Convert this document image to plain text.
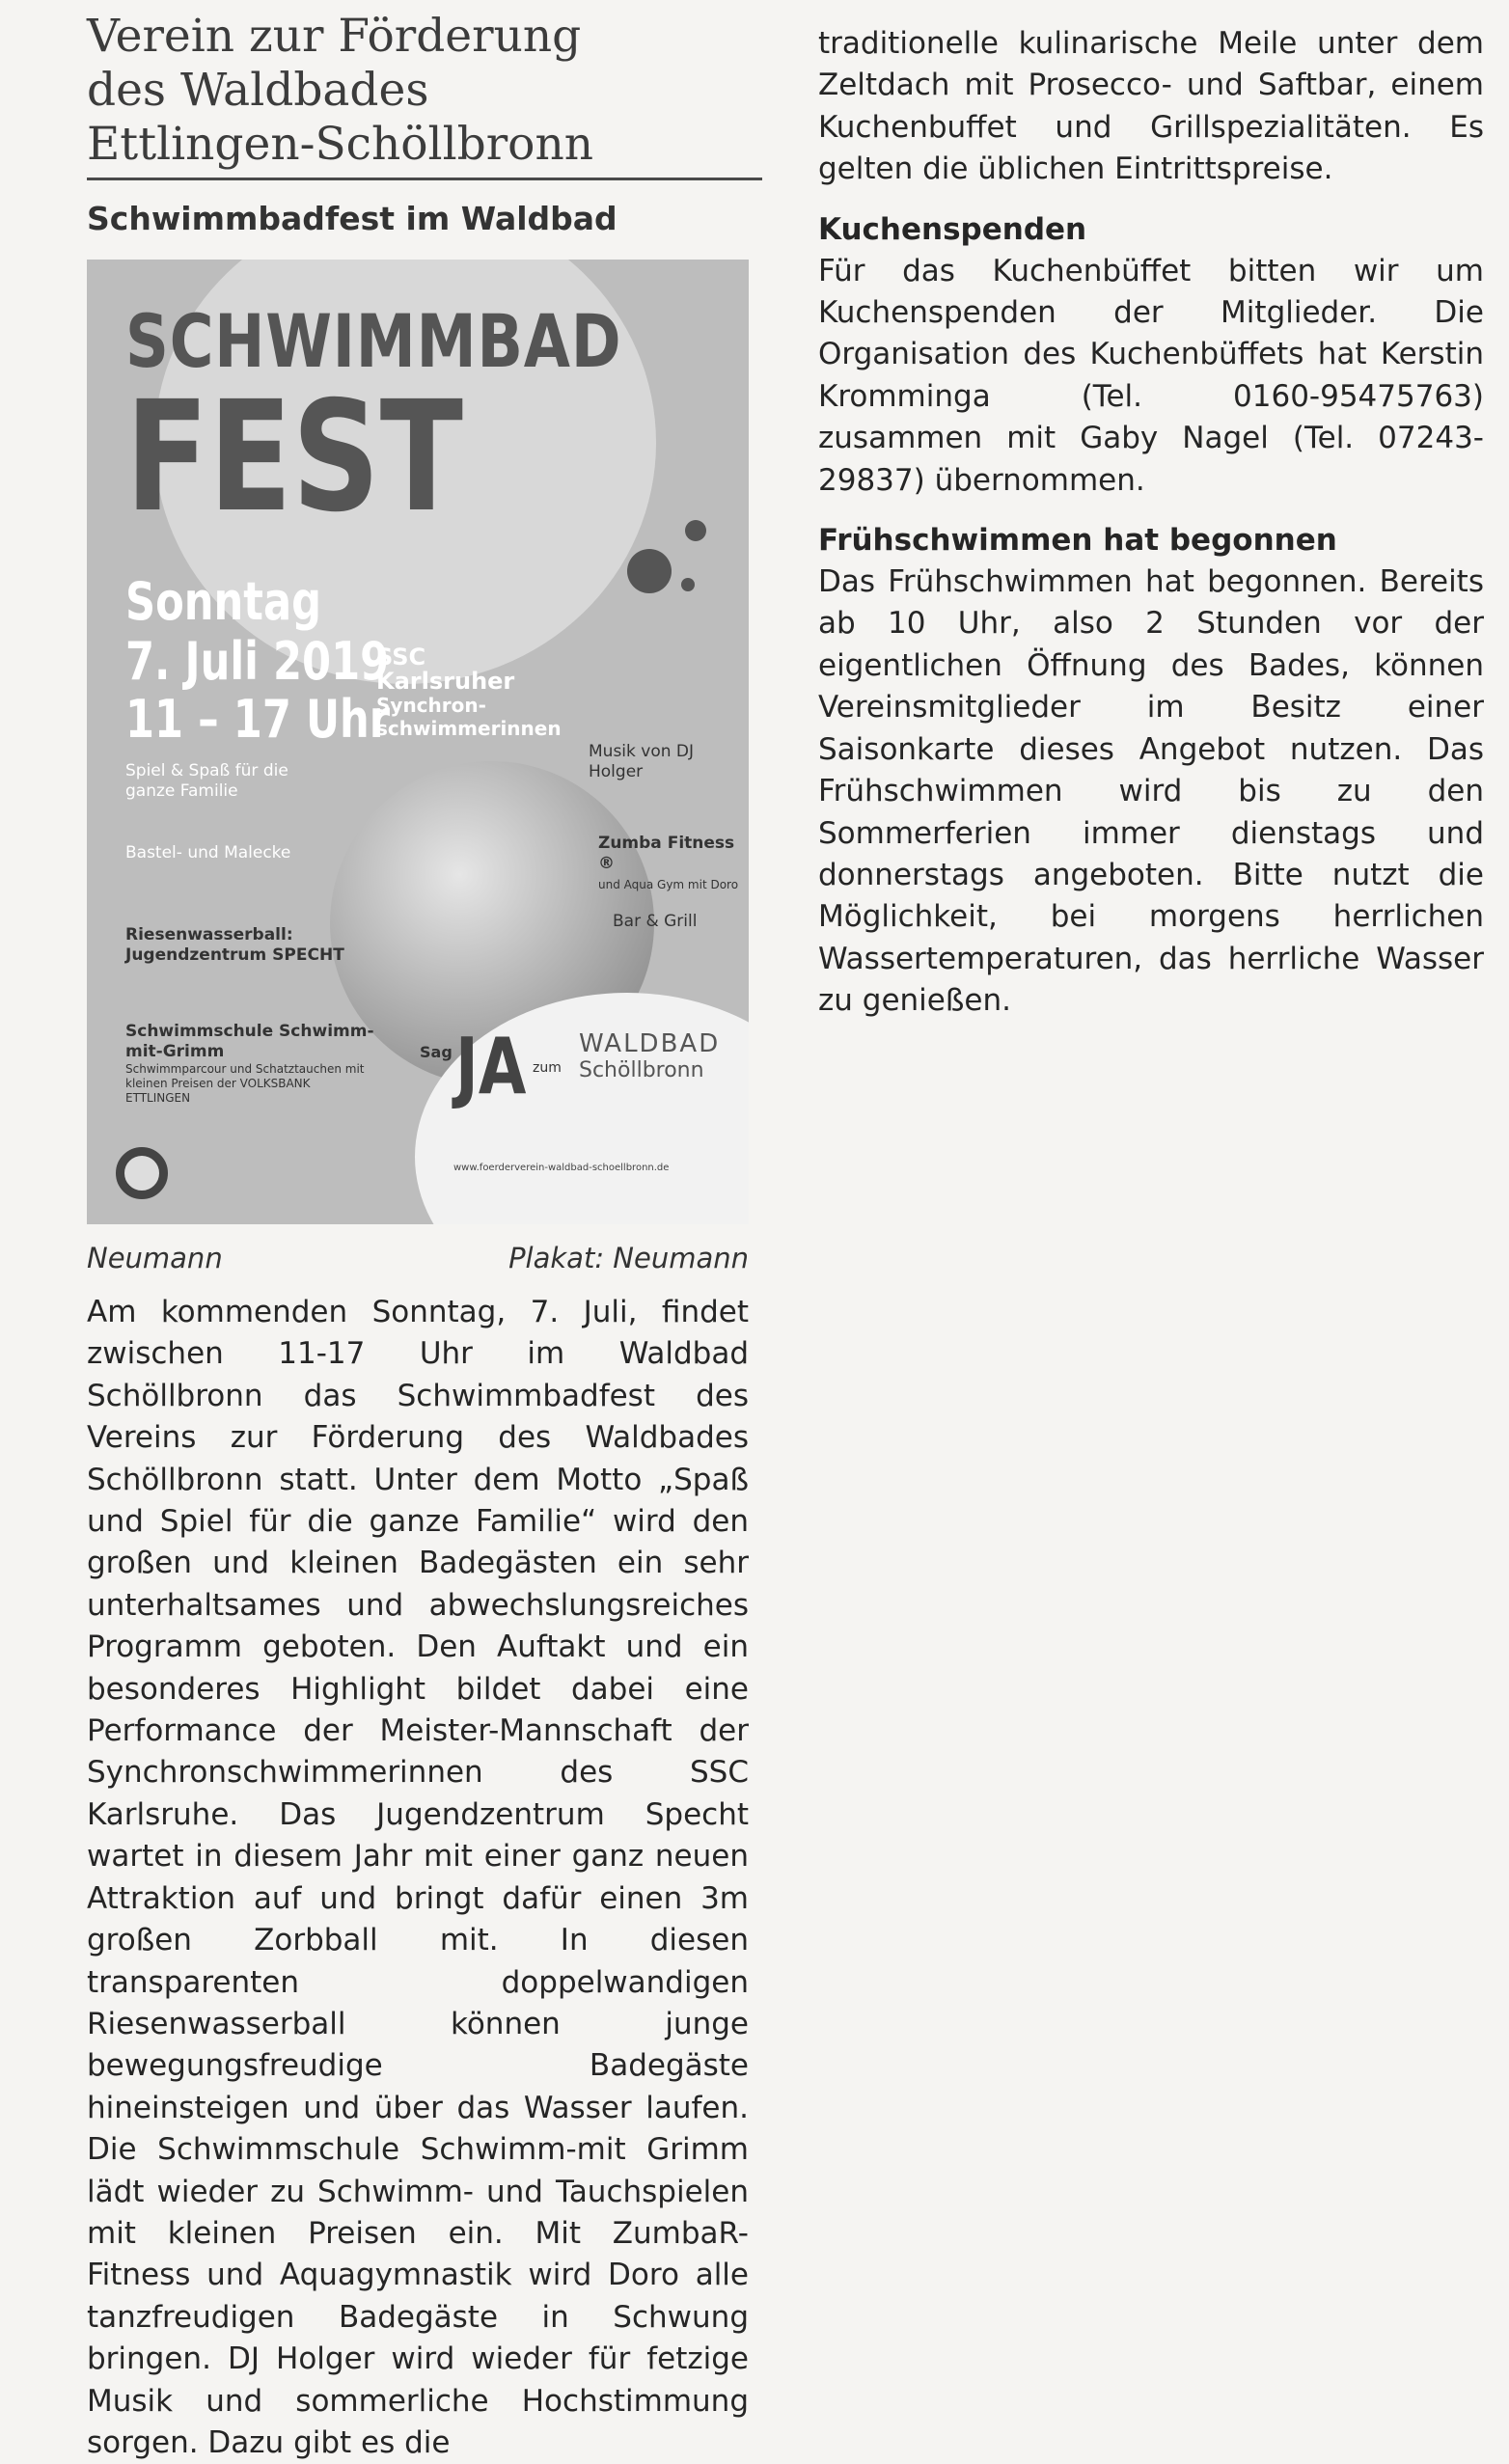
Verein zur Förderung
des Waldbades
Ettlingen-Schöllbronn
Schwimmbadfest im Waldbad
SCHWIMMBAD
FEST
Sonntag
7. Juli 2019
11 – 17 Uhr
SSC Karlsruher
Synchron-schwimmerinnen
Musik von DJ Holger
Zumba Fitness ®
und Aqua Gym mit Doro
Bar & Grill
Spiel & Spaß für die ganze Familie
Bastel- und Malecke
Riesenwasserball: Jugendzentrum SPECHT
Schwimmschule Schwimm-mit-Grimm

Schwimmparcour und Schatztauchen mit kleinen Preisen der VOLKSBANK ETTLINGEN
Sag JA zum
WALDBAD
Schöllbronn
www.foerderverein-waldbad-schoellbronn.de
Neumann	Plakat: Neumann

Am kommenden Sonntag, 7. Juli, findet zwischen 11-17 Uhr im Waldbad Schöllbronn das Schwimmbadfest des Vereins zur Förderung des Waldbades Schöllbronn statt. Unter dem Motto „Spaß und Spiel für die ganze Familie“ wird den großen und kleinen Badegästen ein sehr unterhaltsames und abwechslungsreiches Programm geboten. Den Auftakt und ein besonderes Highlight bildet dabei eine Performance der Meister-Mannschaft der Synchronschwimmerinnen des SSC Karlsruhe. Das Jugendzentrum Specht wartet in diesem Jahr mit einer ganz neuen Attraktion auf und bringt dafür einen 3m großen Zorbball mit. In diesen transparenten doppelwandigen Riesenwasserball können junge bewegungsfreudige Badegäste hineinsteigen und über das Wasser laufen. Die Schwimmschule Schwimm-mit Grimm lädt wieder zu Schwimm- und Tauchspielen mit kleinen Preisen ein. Mit ZumbaR- Fitness und Aquagymnastik wird Doro alle tanzfreudigen Badegäste in Schwung bringen. DJ Holger wird wieder für fetzige Musik und sommerliche Hochstimmung sorgen. Dazu gibt es die

traditionelle kulinarische Meile unter dem Zeltdach mit Prosecco- und Saftbar, einem Kuchenbuffet und Grillspezialitäten. Es gelten die üblichen Eintrittspreise.

Kuchenspenden

Für das Kuchenbüffet bitten wir um Kuchenspenden der Mitglieder. Die Organisation des Kuchenbüffets hat Kerstin Kromminga (Tel. 0160-95475763) zusammen mit Gaby Nagel (Tel. 07243-29837) übernommen.

Frühschwimmen hat begonnen

Das Frühschwimmen hat begonnen. Bereits ab 10 Uhr, also 2 Stunden vor der eigentlichen Öffnung des Bades, können Vereinsmitglieder im Besitz einer Saisonkarte dieses Angebot nutzen. Das Frühschwimmen wird bis zu den Sommerferien immer dienstags und donnerstags angeboten. Bitte nutzt die Möglichkeit, bei morgens herrlichen Wassertemperaturen, das herrliche Wasser zu genießen.
